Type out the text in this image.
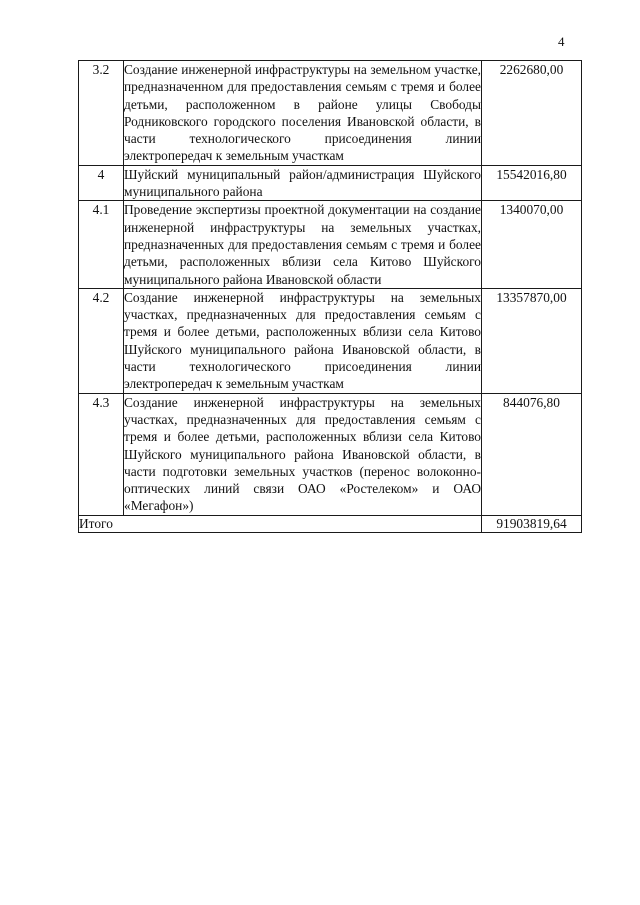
4
3.2	Создание инженерной инфраструктуры на земельном участке, предназначенном для предоставления семьям с тремя и более детьми, расположенном в районе улицы Свободы Родниковского городского поселения Ивановской области, в части технологического присоединения линии электропередач к земельным участкам	2262680,00
4	Шуйский муниципальный район/администрация Шуйского муниципального района	15542016,80
4.1	Проведение экспертизы проектной документации на создание инженерной инфраструктуры на земельных участках, предназначенных для предоставления семьям с тремя и более детьми, расположенных вблизи села Китово Шуйского муниципального района Ивановской области	1340070,00
4.2	Создание инженерной инфраструктуры на земельных участках, предназначенных для предоставления семьям с тремя и более детьми, расположенных вблизи села Китово Шуйского муниципального района Ивановской области, в части технологического присоединения линии электропередач к земельным участкам	13357870,00
4.3	Создание инженерной инфраструктуры на земельных участках, предназначенных для предоставления семьям с тремя и более детьми, расположенных вблизи села Китово Шуйского муниципального района Ивановской области, в части подготовки земельных участков (перенос волоконно-оптических линий связи ОАО «Ростелеком» и ОАО «Мегафон»)	844076,80
Итого		91903819,64
